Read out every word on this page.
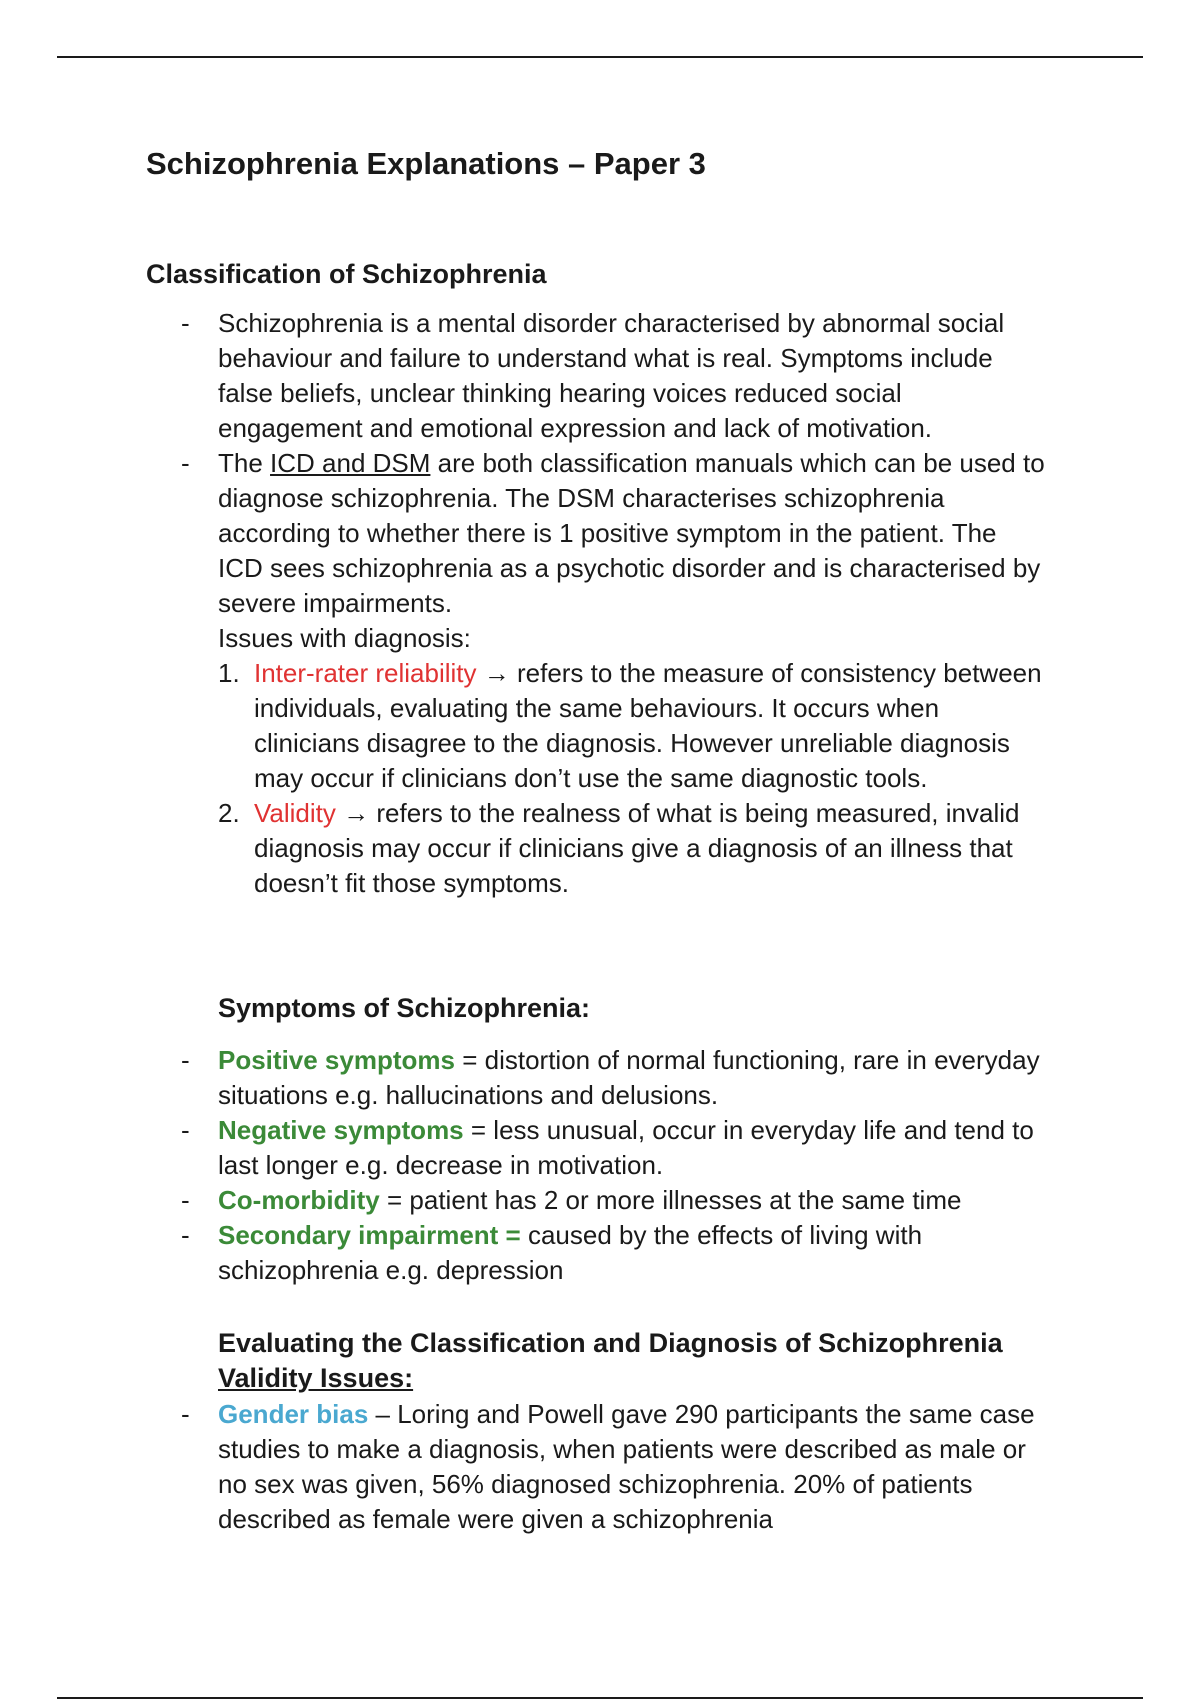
Schizophrenia Explanations – Paper 3
Classification of Schizophrenia
- Schizophrenia is a mental disorder characterised by abnormal social behaviour and failure to understand what is real. Symptoms include false beliefs, unclear thinking hearing voices reduced social engagement and emotional expression and lack of motivation.
- The ICD and DSM are both classification manuals which can be used to diagnose schizophrenia. The DSM characterises schizophrenia according to whether there is 1 positive symptom in the patient. The ICD sees schizophrenia as a psychotic disorder and is characterised by severe impairments.
Issues with diagnosis:
1. Inter-rater reliability → refers to the measure of consistency between individuals, evaluating the same behaviours. It occurs when clinicians disagree to the diagnosis. However unreliable diagnosis may occur if clinicians don’t use the same diagnostic tools.
2. Validity → refers to the realness of what is being measured, invalid diagnosis may occur if clinicians give a diagnosis of an illness that doesn’t fit those symptoms.
Symptoms of Schizophrenia:
- Positive symptoms = distortion of normal functioning, rare in everyday situations e.g. hallucinations and delusions.
- Negative symptoms = less unusual, occur in everyday life and tend to last longer e.g. decrease in motivation.
- Co-morbidity = patient has 2 or more illnesses at the same time
- Secondary impairment = caused by the effects of living with schizophrenia e.g. depression
Evaluating the Classification and Diagnosis of Schizophrenia
Validity Issues:
- Gender bias – Loring and Powell gave 290 participants the same case studies to make a diagnosis, when patients were described as male or no sex was given, 56% diagnosed schizophrenia. 20% of patients described as female were given a schizophrenia
